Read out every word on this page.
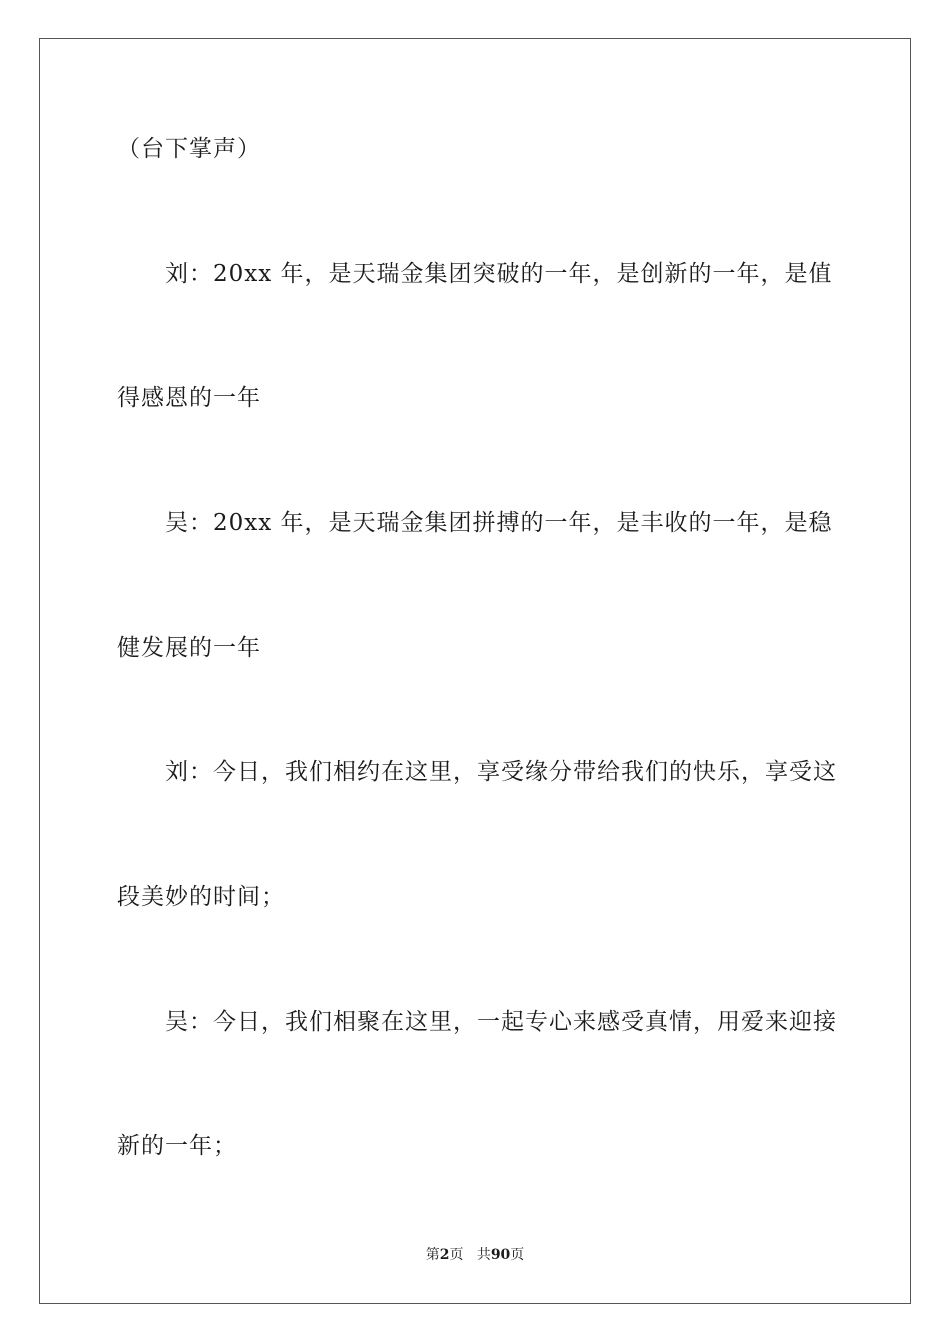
（台下掌声）
刘：20xx 年，是天瑞金集团突破的一年，是创新的一年，是值
得感恩的一年
吴：20xx 年，是天瑞金集团拼搏的一年，是丰收的一年，是稳
健发展的一年
刘：今日，我们相约在这里，享受缘分带给我们的快乐，享受这
段美妙的时间；
吴：今日，我们相聚在这里，一起专心来感受真情，用爱来迎接
新的一年；
第2页 共90页
